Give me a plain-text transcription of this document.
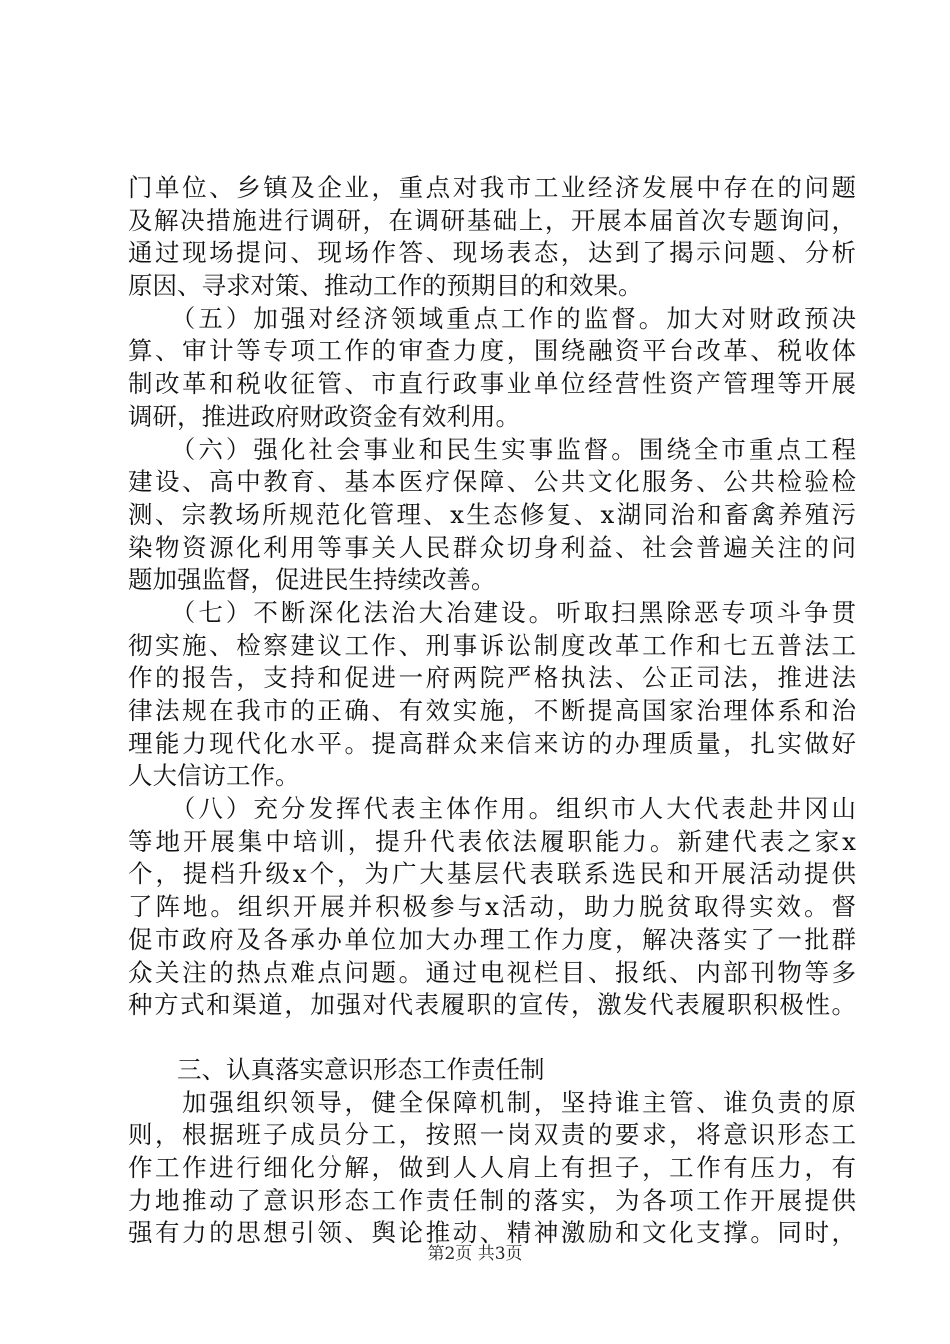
门单位、乡镇及企业，重点对我市工业经济发展中存在的问题
及解决措施进行调研，在调研基础上，开展本届首次专题询问，
通过现场提问、现场作答、现场表态，达到了揭示问题、分析
原因、寻求对策、推动工作的预期目的和效果。
　　（五）加强对经济领域重点工作的监督。加大对财政预决
算、审计等专项工作的审查力度，围绕融资平台改革、税收体
制改革和税收征管、市直行政事业单位经营性资产管理等开展
调研，推进政府财政资金有效利用。
　　（六）强化社会事业和民生实事监督。围绕全市重点工程
建设、高中教育、基本医疗保障、公共文化服务、公共检验检
测、宗教场所规范化管理、x生态修复、x湖同治和畜禽养殖污
染物资源化利用等事关人民群众切身利益、社会普遍关注的问
题加强监督，促进民生持续改善。
　　（七）不断深化法治大冶建设。听取扫黑除恶专项斗争贯
彻实施、检察建议工作、刑事诉讼制度改革工作和七五普法工
作的报告，支持和促进一府两院严格执法、公正司法，推进法
律法规在我市的正确、有效实施，不断提高国家治理体系和治
理能力现代化水平。提高群众来信来访的办理质量，扎实做好
人大信访工作。
　　（八）充分发挥代表主体作用。组织市人大代表赴井冈山
等地开展集中培训，提升代表依法履职能力。新建代表之家x
个，提档升级x个，为广大基层代表联系选民和开展活动提供
了阵地。组织开展并积极参与x活动，助力脱贫取得实效。督
促市政府及各承办单位加大办理工作力度，解决落实了一批群
众关注的热点难点问题。通过电视栏目、报纸、内部刊物等多
种方式和渠道，加强对代表履职的宣传，激发代表履职积极性。
　　三、认真落实意识形态工作责任制
　　加强组织领导，健全保障机制，坚持谁主管、谁负责的原
则，根据班子成员分工，按照一岗双责的要求，将意识形态工
作工作进行细化分解，做到人人肩上有担子，工作有压力，有
力地推动了意识形态工作责任制的落实，为各项工作开展提供
强有力的思想引领、舆论推动、精神激励和文化支撑。同时，
第2页 共3页
